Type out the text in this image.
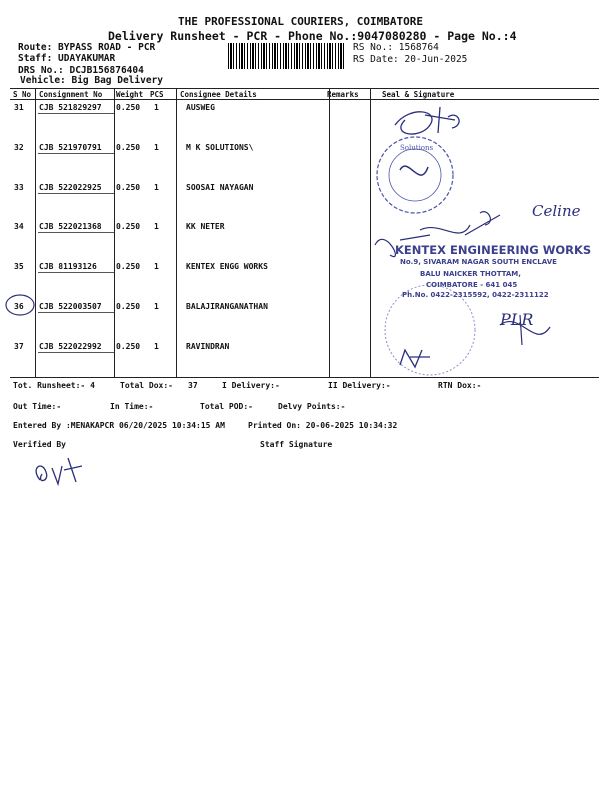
THE PROFESSIONAL COURIERS, COIMBATORE
Delivery Runsheet - PCR - Phone No.:9047080280 - Page No.:4
Route: BYPASS ROAD - PCR
Staff: UDAYAKUMAR
DRS No.: DCJB156876404
Vehicle: Big Bag Delivery
RS No.: 1568764
RS Date: 20-Jun-2025
S No Consignment No Weight PCS Consignee Details	Remarks	Seal & Signature
31 CJB 521829297 0.250 1	AUSWEG
32 CJB 521970791 0.250 1	M K SOLUTIONS\
33 CJB 522022925 0.250 1	SOOSAI NAYAGAN
34 CJB 522021368 0.250 1	KK NETER
35 CJB 81193126 0.250 1	KENTEX ENGG WORKS
36 CJB 522003507 0.250 1	BALAJIRANGANATHAN
37 CJB 522022992 0.250 1	RAVINDRAN
Solutions
Celine
KENTEX ENGINEERING WORKS
No.9, SIVARAM NAGAR SOUTH ENCLAVE
BALU NAICKER THOTTAM,
COIMBATORE - 641 045
Ph.No. 0422-2315592, 0422-2311122
PLR
Tot. Runsheet:- 4	Total Dox:- 37	I Delivery:-	II Delivery:-	RTN Dox:-
Out Time:-	In Time:-	Total POD:-	Delvy Points:-
Entered By :MENAKAPCR 06/20/2025 10:34:15 AM	Printed On: 20-06-2025 10:34:32
Verified By	Staff Signature
